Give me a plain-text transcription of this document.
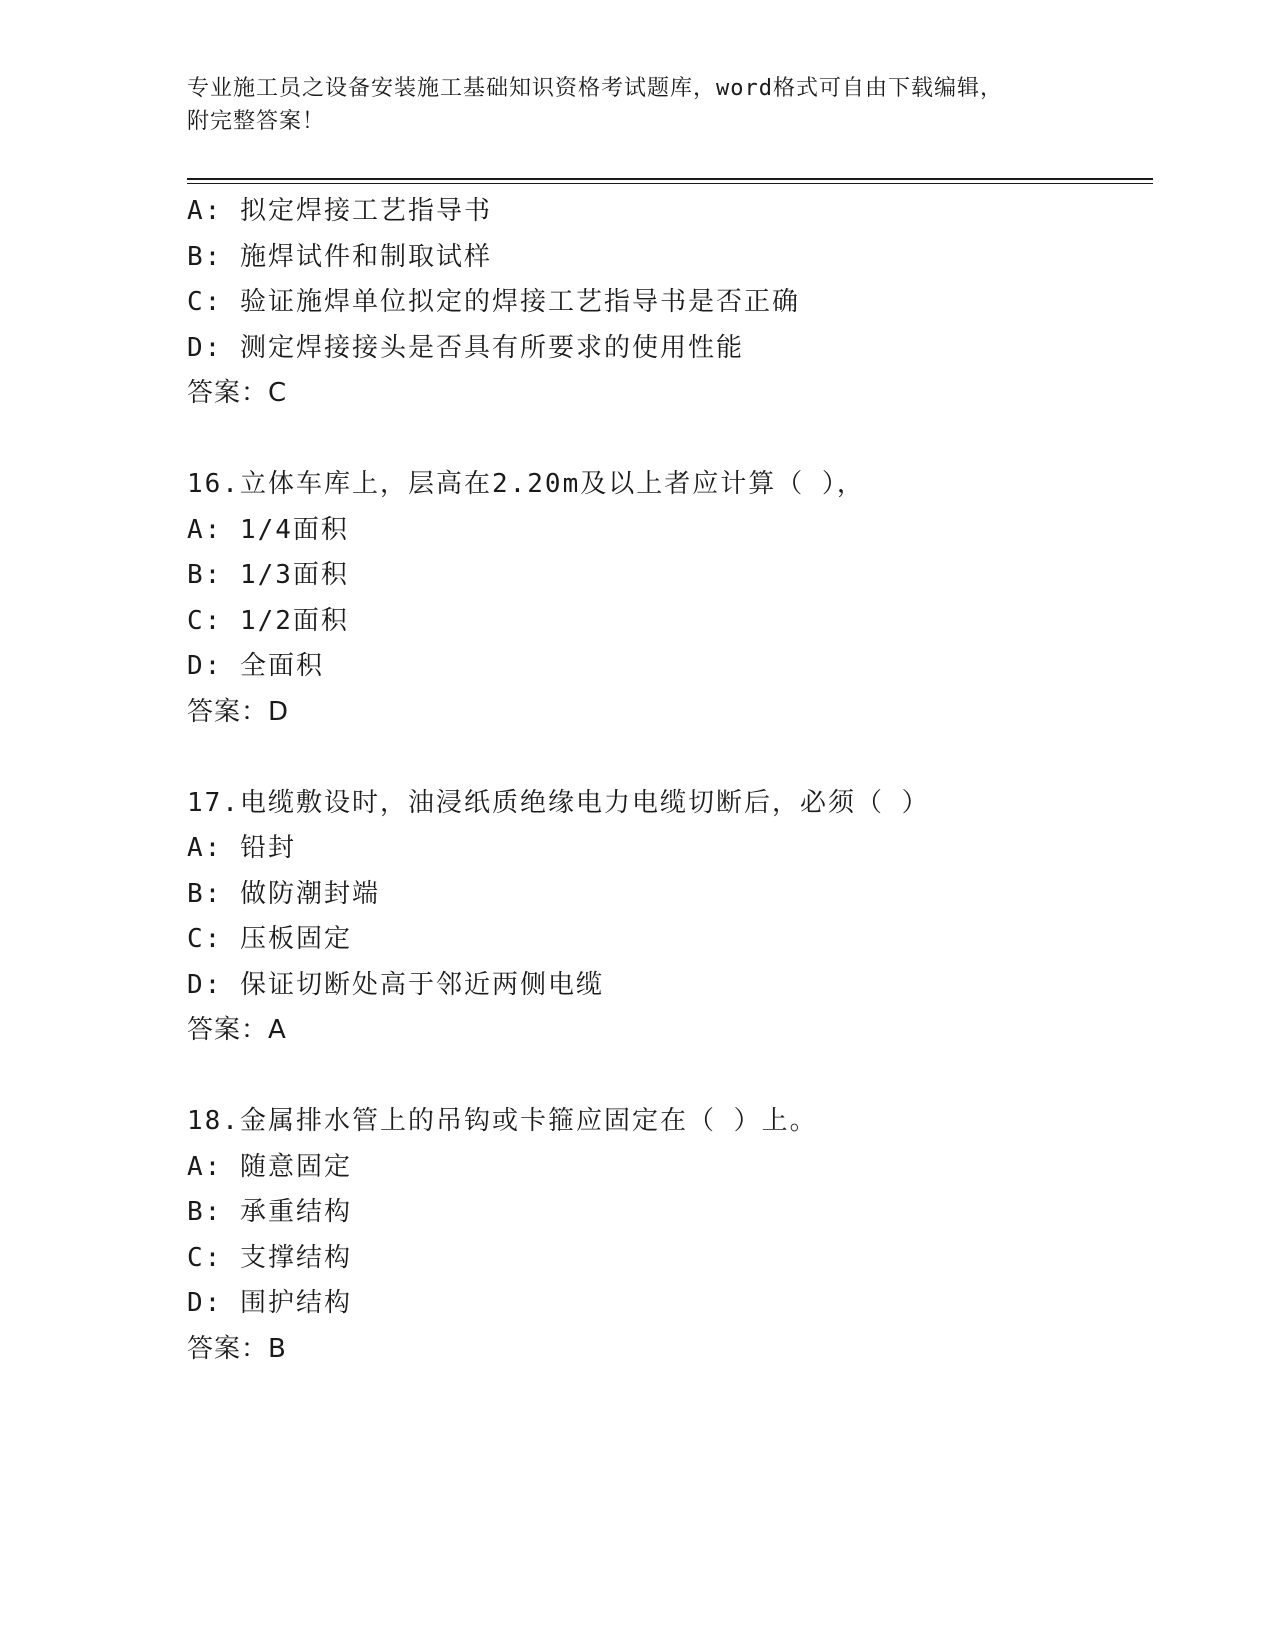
专业施工员之设备安装施工基础知识资格考试题库，word格式可自由下载编辑，
附完整答案！
A: 拟定焊接工艺指导书
B: 施焊试件和制取试样
C: 验证施焊单位拟定的焊接工艺指导书是否正确
D: 测定焊接接头是否具有所要求的使用性能
答案：C
16.立体车库上，层高在2.20m及以上者应计算（ ），
A: 1/4面积
B: 1/3面积
C: 1/2面积
D: 全面积
答案：D
17.电缆敷设时，油浸纸质绝缘电力电缆切断后，必须（ ）
A: 铅封
B: 做防潮封端
C: 压板固定
D: 保证切断处高于邻近两侧电缆
答案：A
18.金属排水管上的吊钩或卡箍应固定在（ ）上。
A: 随意固定
B: 承重结构
C: 支撑结构
D: 围护结构
答案：B
